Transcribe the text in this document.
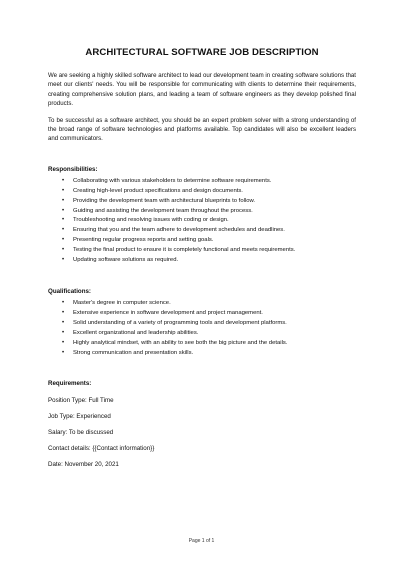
ARCHITECTURAL SOFTWARE JOB DESCRIPTION

We are seeking a highly skilled software architect to lead our development team in creating software solutions that meet our clients' needs. You will be responsible for communicating with clients to determine their requirements, creating comprehensive solution plans, and leading a team of software engineers as they develop polished final products.

To be successful as a software architect, you should be an expert problem solver with a strong understanding of the broad range of software technologies and platforms available. Top candidates will also be excellent leaders and communicators.

Responsibilities:

• Collaborating with various stakeholders to determine software requirements.
• Creating high-level product specifications and design documents.
• Providing the development team with architectural blueprints to follow.
• Guiding and assisting the development team throughout the process.
• Troubleshooting and resolving issues with coding or design.
• Ensuring that you and the team adhere to development schedules and deadlines.
• Presenting regular progress reports and setting goals.
• Testing the final product to ensure it is completely functional and meets requirements.
• Updating software solutions as required.

Qualifications:

• Master's degree in computer science.
• Extensive experience in software development and project management.
• Solid understanding of a variety of programming tools and development platforms.
• Excellent organizational and leadership abilities.
• Highly analytical mindset, with an ability to see both the big picture and the details.
• Strong communication and presentation skills.

Requirements:

Position Type: Full Time

Job Type: Experienced

Salary: To be discussed

Contact details: {{Contact information}}

Date: November 20, 2021

Page 1 of 1
